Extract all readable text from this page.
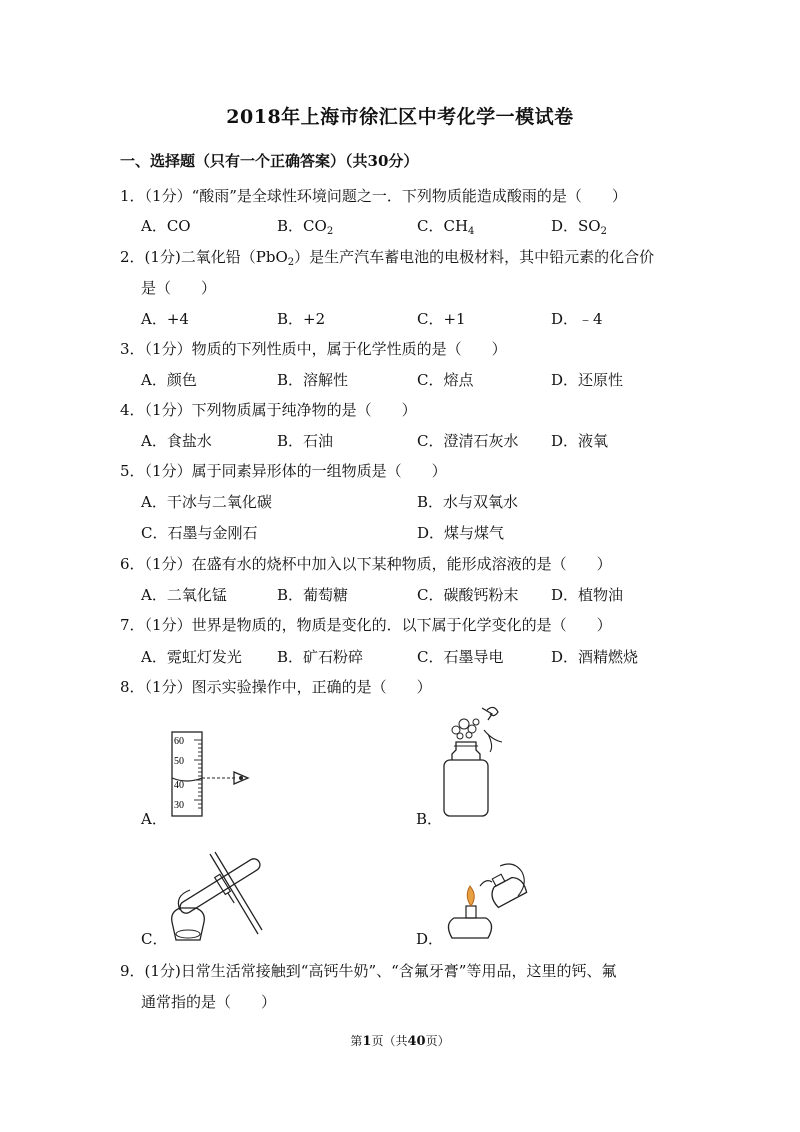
2018年上海市徐汇区中考化学一模试卷
一、选择题（只有一个正确答案）（共30分）
1．（1分）“酸雨”是全球性环境问题之一．下列物质能造成酸雨的是（　　）
A．CO	B．$CO_2$	C．$CH_4$	D．$SO_2$
2．(1分)二氧化铅（PbO$_2$）是生产汽车蓄电池的电极材料，其中铅元素的化合价
是（　　）
A．+4	B．+2	C．+1	D．﹣4
3．（1分）物质的下列性质中，属于化学性质的是（　　）
A．颜色	B．溶解性	C．熔点	D．还原性
4．（1分）下列物质属于纯净物的是（　　）
A．食盐水	B．石油	C．澄清石灰水 D．液氧
5．（1分）属于同素异形体的一组物质是（　　）
A．干冰与二氧化碳	B．水与双氧水
C．石墨与金刚石	D．煤与煤气
6．（1分）在盛有水的烧杯中加入以下某种物质，能形成溶液的是（　　）
A．二氧化锰	B．葡萄糖	C．碳酸钙粉末 D．植物油
7．（1分）世界是物质的，物质是变化的．以下属于化学变化的是（　　）
A．霓虹灯发光 B．矿石粉碎	C．石墨导电	D．酒精燃烧
8．（1分）图示实验操作中，正确的是（　　）
60
50
40
30
A．	B．
C．	D．
9．(1分)日常生活常接触到“高钙牛奶”、“含氟牙膏”等用品，这里的钙、氟
通常指的是（　　）
第1页（共40页）
